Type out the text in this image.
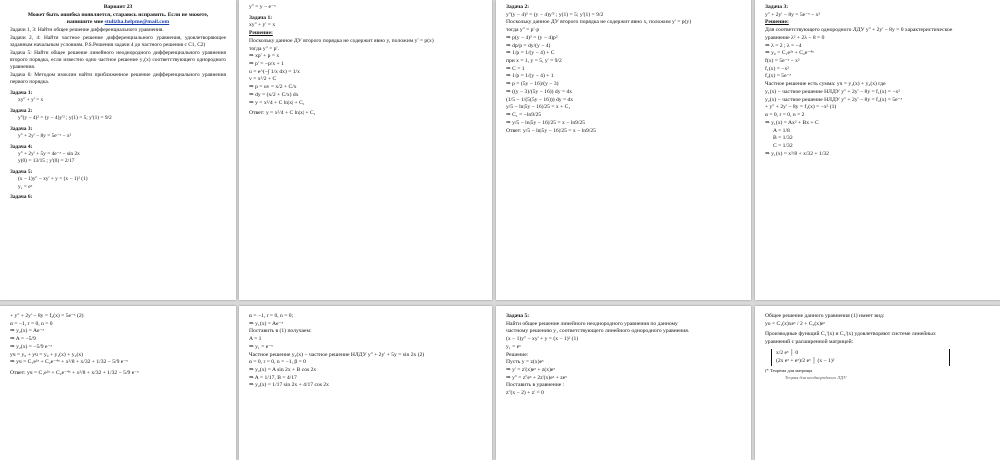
Вариант 23
Может быть ошибка появляется, стараюсь исправить. Если не можете,
напишите мне stulizha.helpme@mail.com

Задачи 1, 3: Найти общее решение дифференциального уравнения.

Задачи 2, 4: Найти частное решение дифференциального уравнения, удовлетворяющее заданным начальным условиям. P.S.Решения задачи 4 до частного решения с С1, С2)

Задача 5: Найти общее решение линейного неоднородного дифференциального уравнения второго порядка, если известно одно частное решение y₁(x) соответствующего однородного уравнения.

Задача 6: Методом изоклин найти приближенное решение дифференциального уравнения первого порядка.

Задача 1:

xy'' + y' = x

Задача 2:

y''(y − 4)² = (y − 4)y'² ; y(1) = 5; y'(1) = 9/2

Задача 3:

y'' + 2y' − 8y = 5e⁻ˣ − x²

Задача 4:

y'' + 2y' + 5y = 4e⁻ˣ − sin 2x

y(0) = 13/15 ; y'(0) = 2/17

Задача 5:

(x − 1)y'' − xy' + y = (x − 1)² (1)

y₁ = eˣ

Задача 6:

y'' = y − e⁻ˣ

Задача 1:

xy'' + y' = x

Решение:

Поскольку данное ДУ второго порядка не содержит явно y, положим y' = p(x)

тогда y'' = p'.

⇒ xp' + p = x

⇒ p' = −p/x + 1

u = e^(−∫ 1/x dx) = 1/x

v = x²/2 + C

⇒ p = uv = x/2 + C/x

⇒ dy = (x/2 + C/x) dx

⇒ y = x²/4 + C ln|x| + C₁

Ответ: y = x²/4 + C ln|x| + C₁

Задача 2:

y''(y − 4)² = (y − 4)y'² ; y(1) = 5; y'(1) = 9/2

Поскольку данное ДУ второго порядка не содержит явно x, положим y' = p(y)

тогда y'' = p'·p

⇒ p(y − 4)² = (y − 4)p²

⇒ dp/p = dy/(y − 4)

⇒ 1/p = 1/(y − 4) + C

при x = 1, y = 5, y' = 9/2

⇒ C = 1

⇒ 1/p = 1/(y − 4) + 1

⇒ p = (5y − 16)/(y − 3)

⇒ ((y − 3)/(5y − 16)) dy = dx

(1/5 − 1/(5(5y − 16))) dy = dx

y/5 − ln|5y − 16|/25 = x + C₁

⇒ C₁ = −ln9/25

⇒ y/5 − ln|5y − 16|/25 = x − ln9/25

Ответ: y/5 − ln|5y − 16|/25 = x − ln9/25

Задача 3:

y'' + 2y' − 8y = 5e⁻ˣ − x²

Решение:

Для соответствующего однородного ЛДУ y'' + 2y' − 8y = 0 характеристическое

уравнение λ² + 2λ − 8 = 0

⇒ λ = 2 ; λ = −4

⇒ y₀ = C₁e²ˣ + C₂e⁻⁴ˣ

f(x) = 5e⁻ˣ − x²

f₁(x) = −x²

f₂(x) = 5e⁻ˣ

Частное решение есть сумма: yч = y₁(x) + y₂(x) где

y₁(x) − частное решение НЛДУ y'' + 2y' − 8y = f₁(x) = −x²

y₂(x) − частное решение НЛДУ y'' + 2y' − 8y = f₂(x) = 5e⁻ˣ

+ y'' + 2y' − 8y = f₁(x) = −x² (1)

α = 0, r = 0, n = 2

⇒ y₁(x) = Ax² + Bx + C

A = 1/8

B = 1/32

C = 1/32

⇒ y₁(x) = x²/8 + x/32 + 1/32

+ y'' + 2y' − 8y = f₂(x) = 5e⁻ˣ (2)

α = −1, r = 0, n = 0

⇒ y₂(x) = Ae⁻ˣ

⇒ A = −5/9

⇒ y₂(x) = −5/9 e⁻ˣ

yч = y₀ + yч = y₀ + y₁(x) + y₂(x)

⇒ yч = C₁e²ˣ + C₂e⁻⁴ˣ + x²/8 + x/32 + 1/32 − 5/9 e⁻ˣ

Ответ: yч = C₁e²ˣ + C₂e⁻⁴ˣ + x²/8 + x/32 + 1/32 − 5/9 e⁻ˣ

α = −1, r = 0, n = 0;

⇒ y₁(x) = Ae⁻ˣ

Поставить в (1) получаем:

A = 1

⇒ y₁ = e⁻ˣ

Частное решение y₂(x) − частное решение НЛДУ y'' + 2y' + 5y = sin 2x (2)

α = 0, r = 0, n = −1, β = 0

⇒ y₂(x) = A sin 2x + B cos 2x

⇒ A = 1/17, B = 4/17

⇒ y₂(x) = 1/17 sin 2x + 4/17 cos 2x

Задача 5:

Найти общее решение линейного неоднородного уравнения по данному

частному решению y₁ соответствующего линейного однородного уравнения.

(x − 1)y'' − xy' + y = (x − 1)² (1)

y₁ = eˣ

Решение:

Пусть y = z(x)eˣ

⇒ y' = z'(x)eˣ + z(x)eˣ

⇒ y'' = z''eˣ + 2z'(x)eˣ + zeˣ

Поставить в уравнение :

z''(x − 2) + z' = 0

Общее решение данного уравнения (1) имеет вид:

yо = C₁(x)xeˣ / 2 + C₂(x)eˣ

Производные функций C₁'(x) и C₂'(x) удовлетворяют системе линейных

уравнений с расширенной матрицей:

x/2 eˣ │ 0

(2x eˣ + eˣ)/2 eˣ │ (x − 1)²

(* Теорема для матрицы

Теория для неоднородного ЛДУ
